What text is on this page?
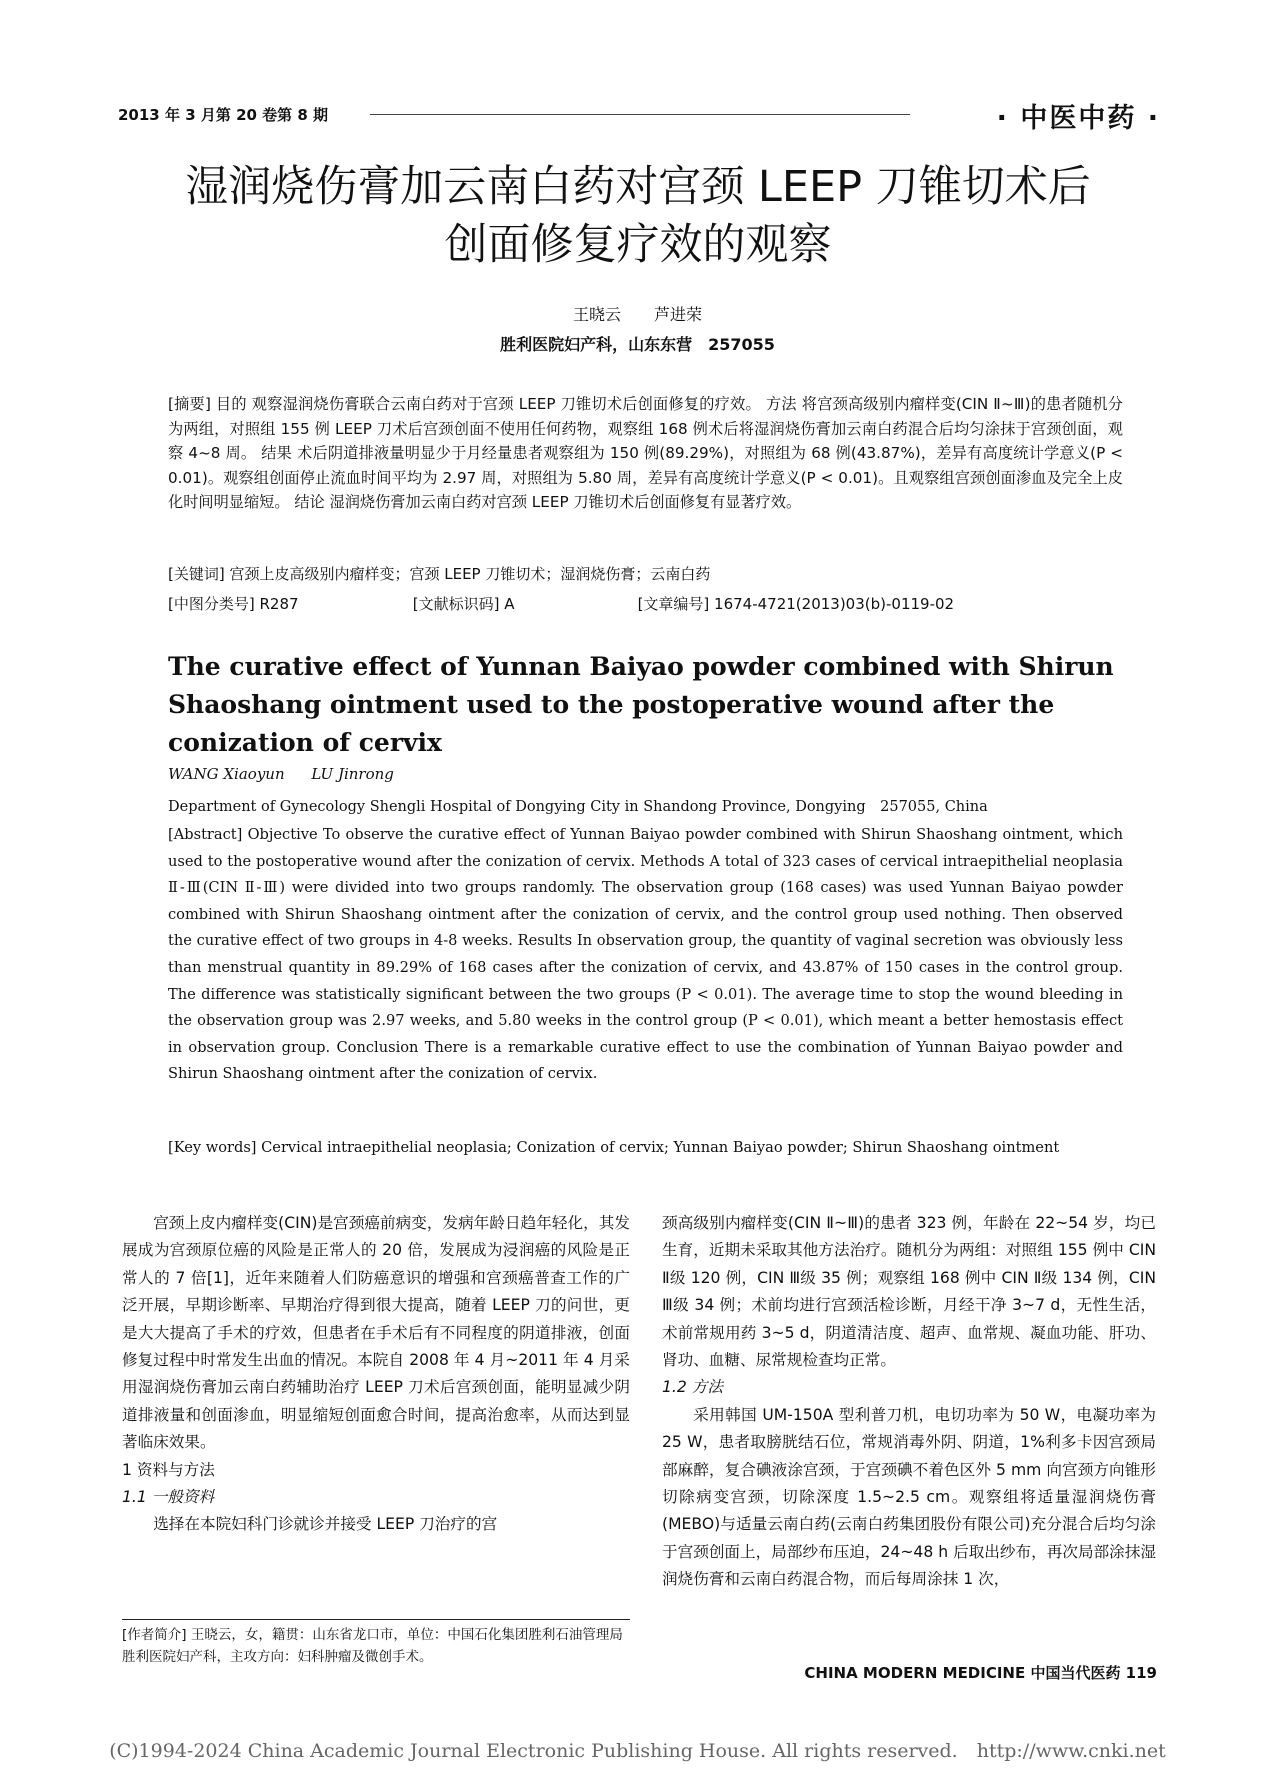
2013 年 3 月第 20 卷第 8 期	· 中医中药 ·
湿润烧伤膏加云南白药对宫颈 LEEP 刀锥切术后
创面修复疗效的观察
王晓云 芦进荣
胜利医院妇产科，山东东营　257055
[摘要] 目的 观察湿润烧伤膏联合云南白药对于宫颈 LEEP 刀锥切术后创面修复的疗效。 方法 将宫颈高级别内瘤样变(CIN Ⅱ~Ⅲ)的患者随机分为两组，对照组 155 例 LEEP 刀术后宫颈创面不使用任何药物，观察组 168 例术后将湿润烧伤膏加云南白药混合后均匀涂抹于宫颈创面，观察 4~8 周。 结果 术后阴道排液量明显少于月经量患者观察组为 150 例(89.29%)，对照组为 68 例(43.87%)，差异有高度统计学意义(P < 0.01)。观察组创面停止流血时间平均为 2.97 周，对照组为 5.80 周，差异有高度统计学意义(P < 0.01)。且观察组宫颈创面渗血及完全上皮化时间明显缩短。 结论 湿润烧伤膏加云南白药对宫颈 LEEP 刀锥切术后创面修复有显著疗效。
[关键词] 宫颈上皮高级别内瘤样变；宫颈 LEEP 刀锥切术；湿润烧伤膏；云南白药
[中图分类号] R287	[文献标识码] A	[文章编号] 1674-4721(2013)03(b)-0119-02
The curative effect of Yunnan Baiyao powder combined with Shirun Shaoshang ointment used to the postoperative wound after the conization of cervix
WANG Xiaoyun LU Jinrong
Department of Gynecology Shengli Hospital of Dongying City in Shandong Province, Dongying　257055, China
[Abstract] Objective To observe the curative effect of Yunnan Baiyao powder combined with Shirun Shaoshang ointment, which used to the postoperative wound after the conization of cervix. Methods A total of 323 cases of cervical intraepithelial neoplasia Ⅱ-Ⅲ(CIN Ⅱ-Ⅲ) were divided into two groups randomly. The observation group (168 cases) was used Yunnan Baiyao powder combined with Shirun Shaoshang ointment after the conization of cervix, and the control group used nothing. Then observed the curative effect of two groups in 4-8 weeks. Results In observation group, the quantity of vaginal secretion was obviously less than menstrual quantity in 89.29% of 168 cases after the conization of cervix, and 43.87% of 150 cases in the control group. The difference was statistically significant between the two groups (P < 0.01). The average time to stop the wound bleeding in the observation group was 2.97 weeks, and 5.80 weeks in the control group (P < 0.01), which meant a better hemostasis effect in observation group. Conclusion There is a remarkable curative effect to use the combination of Yunnan Baiyao powder and Shirun Shaoshang ointment after the conization of cervix.
[Key words] Cervical intraepithelial neoplasia; Conization of cervix; Yunnan Baiyao powder; Shirun Shaoshang ointment

宫颈上皮内瘤样变(CIN)是宫颈癌前病变，发病年龄日趋年轻化，其发展成为宫颈原位癌的风险是正常人的 20 倍，发展成为浸润癌的风险是正常人的 7 倍[1]，近年来随着人们防癌意识的增强和宫颈癌普查工作的广泛开展，早期诊断率、早期治疗得到很大提高，随着 LEEP 刀的问世，更是大大提高了手术的疗效，但患者在手术后有不同程度的阴道排液，创面修复过程中时常发生出血的情况。本院自 2008 年 4 月~2011 年 4 月采用湿润烧伤膏加云南白药辅助治疗 LEEP 刀术后宫颈创面，能明显减少阴道排液量和创面渗血，明显缩短创面愈合时间，提高治愈率，从而达到显著临床效果。

1 资料与方法

1.1 一般资料

选择在本院妇科门诊就诊并接受 LEEP 刀治疗的宫

[作者简介] 王晓云，女，籍贯：山东省龙口市，单位：中国石化集团胜利石油管理局胜利医院妇产科，主攻方向：妇科肿瘤及微创手术。

颈高级别内瘤样变(CIN Ⅱ~Ⅲ)的患者 323 例，年龄在 22~54 岁，均已生育，近期未采取其他方法治疗。随机分为两组：对照组 155 例中 CIN Ⅱ级 120 例，CIN Ⅲ级 35 例；观察组 168 例中 CIN Ⅱ级 134 例，CIN Ⅲ级 34 例；术前均进行宫颈活检诊断，月经干净 3~7 d，无性生活，术前常规用药 3~5 d，阴道清洁度、超声、血常规、凝血功能、肝功、肾功、血糖、尿常规检查均正常。

1.2 方法

采用韩国 UM-150A 型利普刀机，电切功率为 50 W，电凝功率为 25 W，患者取膀胱结石位，常规消毒外阴、阴道，1%利多卡因宫颈局部麻醉，复合碘液涂宫颈，于宫颈碘不着色区外 5 mm 向宫颈方向锥形切除病变宫颈，切除深度 1.5~2.5 cm。观察组将适量湿润烧伤膏(MEBO)与适量云南白药(云南白药集团股份有限公司)充分混合后均匀涂于宫颈创面上，局部纱布压迫，24~48 h 后取出纱布，再次局部涂抹湿润烧伤膏和云南白药混合物，而后每周涂抹 1 次，

CHINA MODERN MEDICINE 中国当代医药 119
(C)1994-2024 China Academic Journal Electronic Publishing House. All rights reserved.　http://www.cnki.net
